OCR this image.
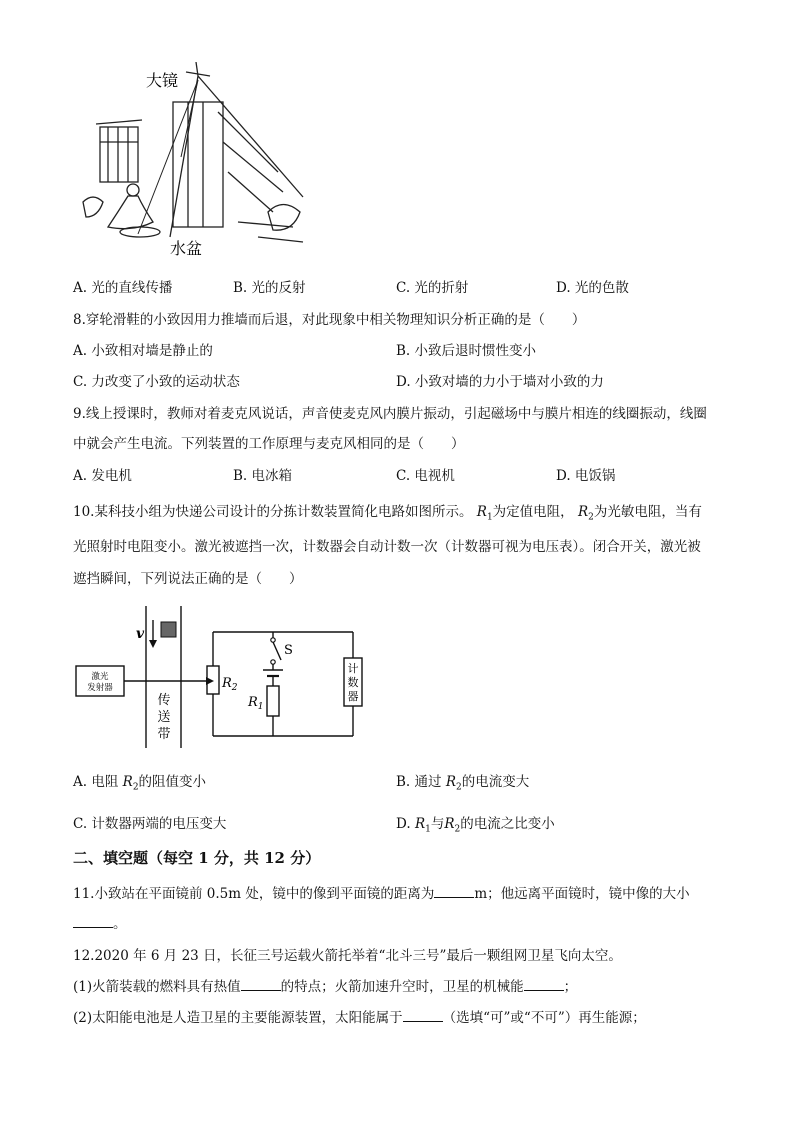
大镜
水盆
A. 光的直线传播	B. 光的反射	C. 光的折射	D. 光的色散
8.穿轮滑鞋的小致因用力推墙而后退，对此现象中相关物理知识分析正确的是（　　）
A. 小致相对墙是静止的	B. 小致后退时惯性变小
C. 力改变了小致的运动状态	D. 小致对墙的力小于墙对小致的力
9.线上授课时，教师对着麦克风说话，声音使麦克风内膜片振动，引起磁场中与膜片相连的线圈振动，线圈
中就会产生电流。下列装置的工作原理与麦克风相同的是（　　）
A. 发电机	B. 电冰箱	C. 电视机	D. 电饭锅
10.某科技小组为快递公司设计的分拣计数装置简化电路如图所示。 $R_1$为定值电阻， $R_2$为光敏电阻，当有
光照射时电阻变小。激光被遮挡一次，计数器会自动计数一次（计数器可视为电压表）。闭合开关，激光被
遮挡瞬间，下列说法正确的是（　　）
激光
发射器
v
传
送
带
$R_2$
$R_1$
S
计
数
器
A. 电阻 $R_2$的阻值变小	B. 通过 $R_2$的电流变大
C. 计数器两端的电压变大	D. $R_1$与$R_2$的电流之比变小
二、填空题（每空 1 分，共 12 分）
11.小致站在平面镜前 0.5m 处，镜中的像到平面镜的距离为	m；他远离平面镜时，镜中像的大小
。
12.2020 年 6 月 23 日，长征三号运载火箭托举着“北斗三号”最后一颗组网卫星飞向太空。
(1)火箭装载的燃料具有热值	的特点；火箭加速升空时，卫星的机械能	；
(2)太阳能电池是人造卫星的主要能源装置，太阳能属于	（选填“可”或“不可”）再生能源；
